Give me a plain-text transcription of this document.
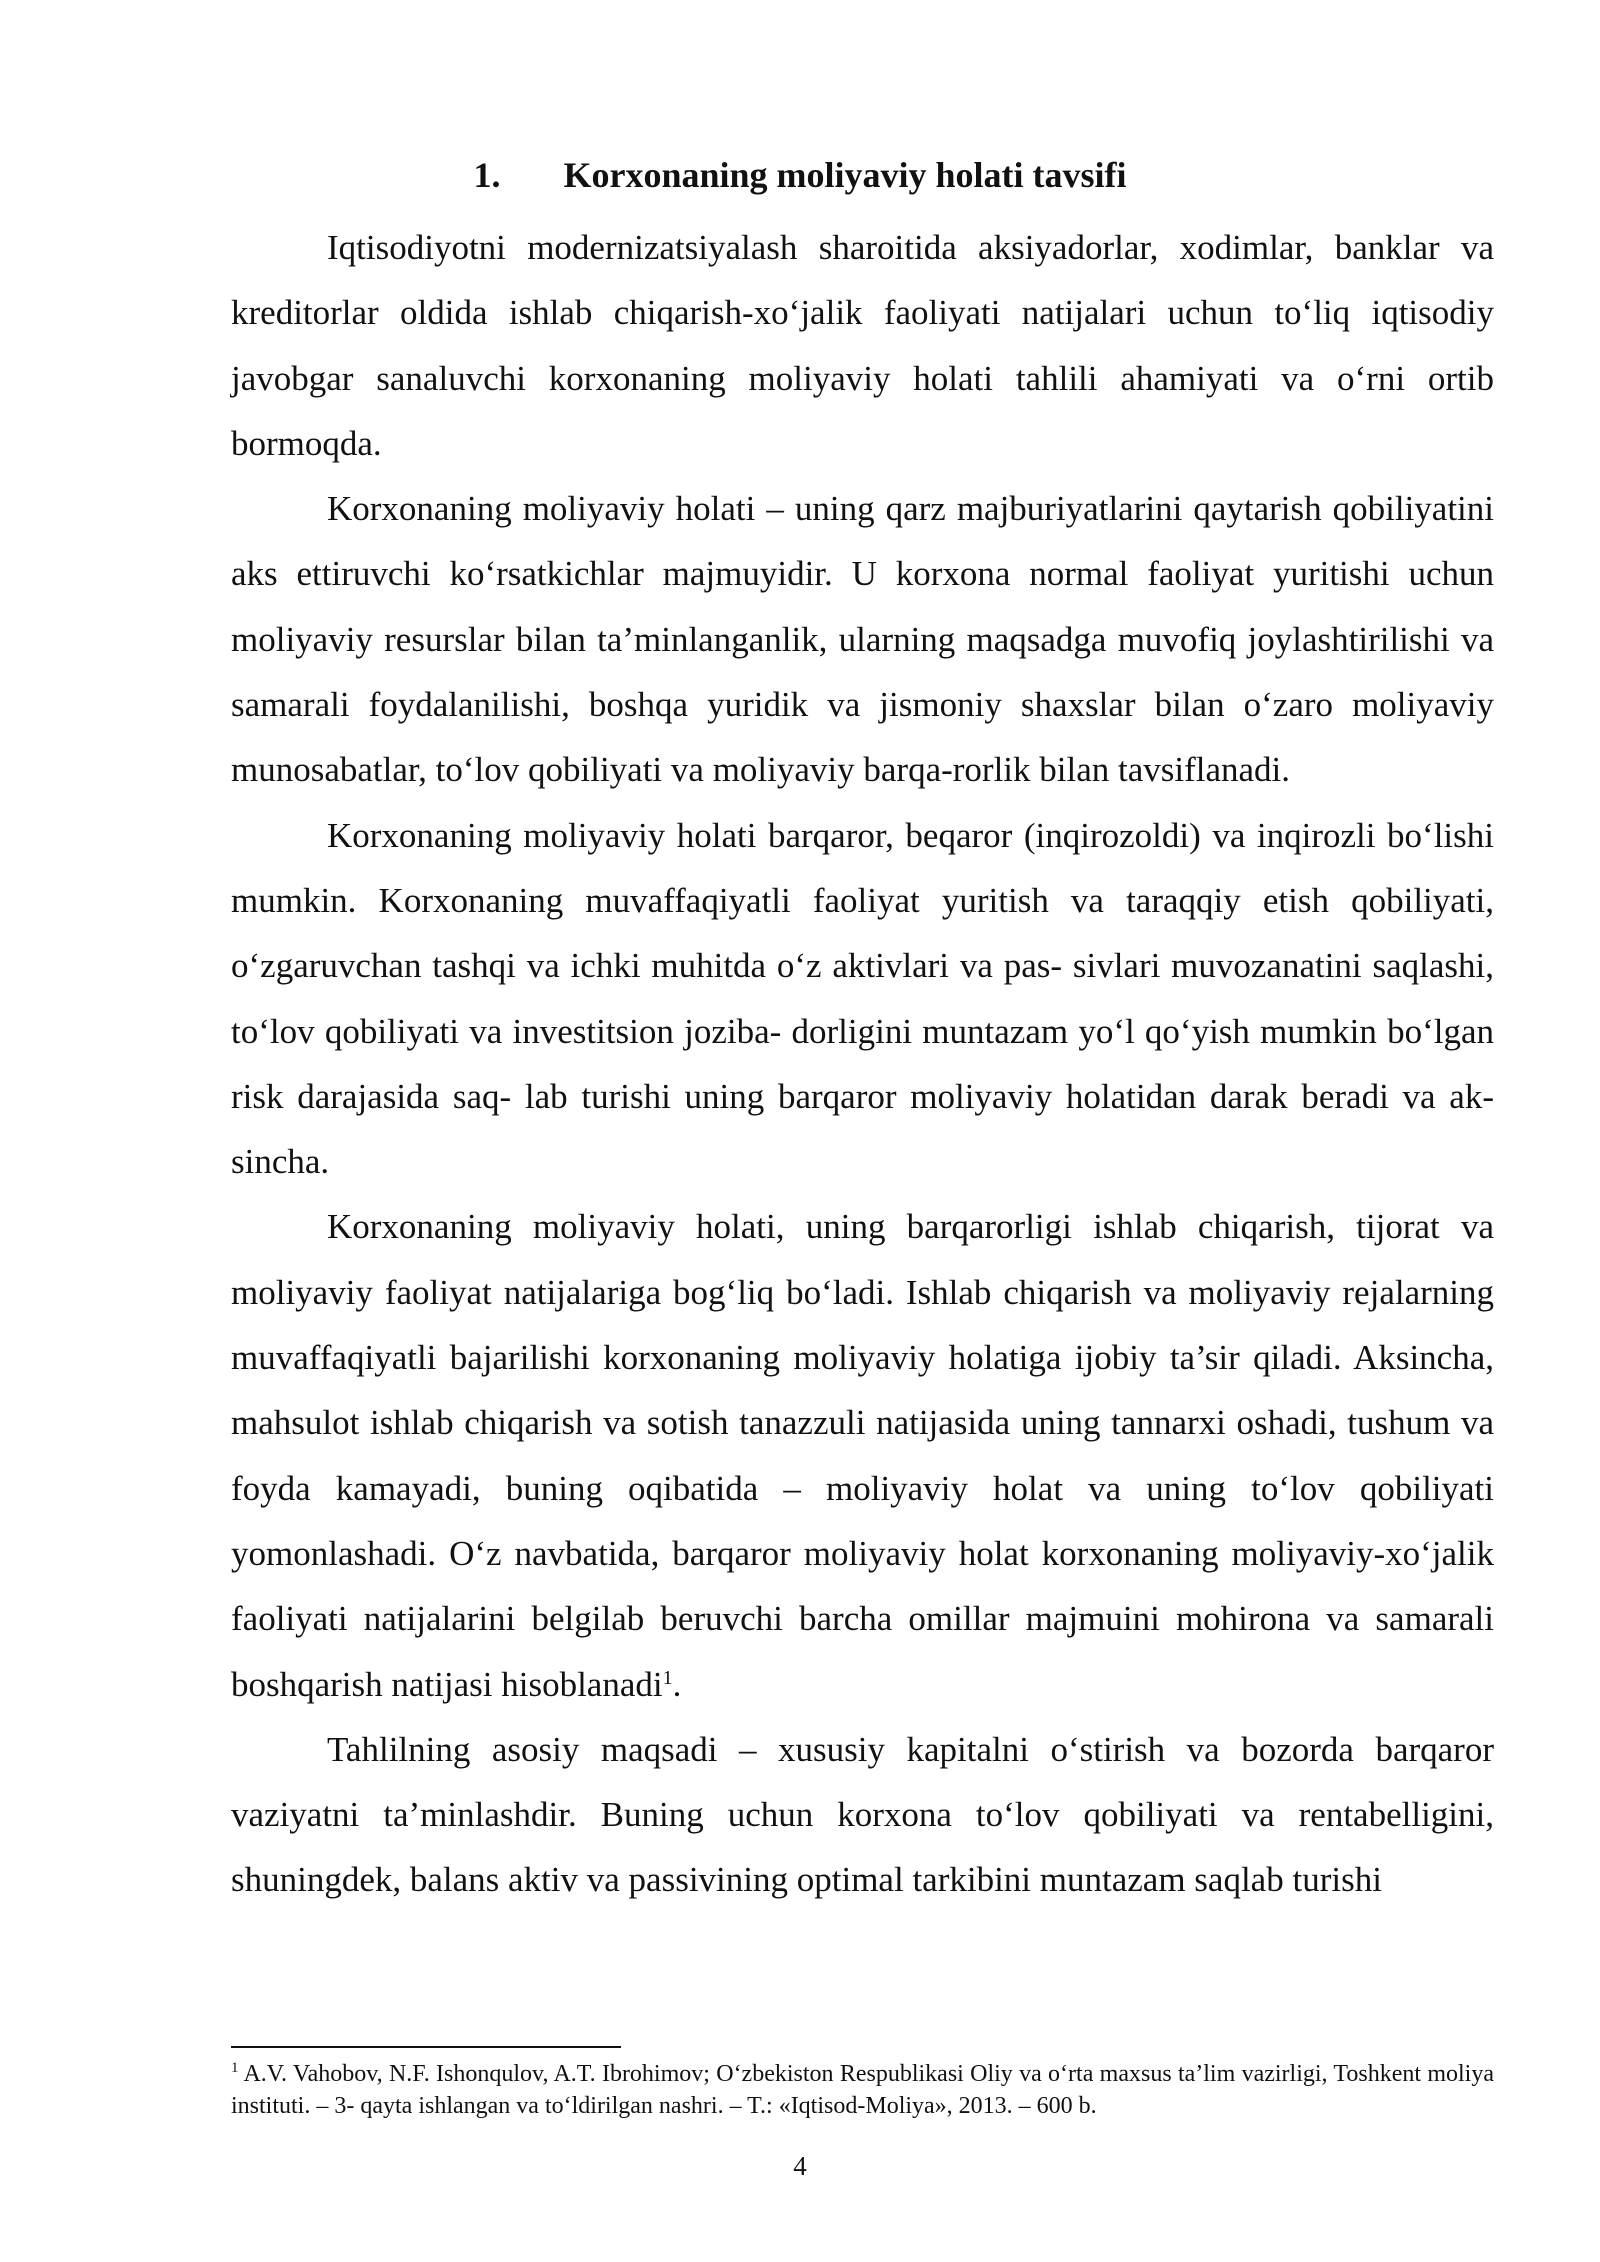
1. Korxonaning moliyaviy holati tavsifi

Iqtisodiyotni modernizatsiyalash sharoitida aksiyadorlar, xodimlar, banklar va kreditorlar oldida ishlab chiqarish-xo‘jalik faoliyati natijalari uchun to‘liq iqtisodiy javobgar sanaluvchi korxonaning moliyaviy holati tahlili ahamiyati va o‘rni ortib bormoqda.

Korxonaning moliyaviy holati – uning qarz majburiyatlarini qaytarish qobiliyatini aks ettiruvchi ko‘rsatkichlar majmuyidir. U korxona normal faoliyat yuritishi uchun moliyaviy resurslar bilan ta’minlanganlik, ularning maqsadga muvofiq joylashtirilishi va samarali foydalanilishi, boshqa yuridik va jismoniy shaxslar bilan o‘zaro moliyaviy munosabatlar, to‘lov qobiliyati va moliyaviy barqa-rorlik bilan tavsiflanadi.

Korxonaning moliyaviy holati barqaror, beqaror (inqirozoldi) va inqirozli bo‘lishi mumkin. Korxonaning muvaffaqiyatli faoliyat yuritish va taraqqiy etish qobiliyati, o‘zgaruvchan tashqi va ichki muhitda o‘z aktivlari va pas- sivlari muvozanatini saqlashi, to‘lov qobiliyati va investitsion joziba- dorligini muntazam yo‘l qo‘yish mumkin bo‘lgan risk darajasida saq- lab turishi uning barqaror moliyaviy holatidan darak beradi va ak- sincha.

Korxonaning moliyaviy holati, uning barqarorligi ishlab chiqarish, tijorat va moliyaviy faoliyat natijalariga bog‘liq bo‘ladi. Ishlab chiqarish va moliyaviy rejalarning muvaffaqiyatli bajarilishi korxonaning moliyaviy holatiga ijobiy ta’sir qiladi. Aksincha, mahsulot ishlab chiqarish va sotish tanazzuli natijasida uning tannarxi oshadi, tushum va foyda kamayadi, buning oqibatida – moliyaviy holat va uning to‘lov qobiliyati yomonlashadi. O‘z navbatida, barqaror moliyaviy holat korxonaning moliyaviy-xo‘jalik faoliyati natijalarini belgilab beruvchi barcha omillar majmuini mohirona va samarali boshqarish natijasi hisoblanadi$^1$.

Tahlilning asosiy maqsadi – xususiy kapitalni o‘stirish va bozorda barqaror vaziyatni ta’minlashdir. Buning uchun korxona to‘lov qobiliyati va rentabelligini, shuningdek, balans aktiv va passivining optimal tarkibini muntazam saqlab turishi

$^1$ A.V. Vahobov, N.F. Ishonqulov, A.T. Ibrohimov; O‘zbekiston Respublikasi Oliy va o‘rta maxsus ta’lim vazirligi, Toshkent moliya instituti. – 3- qayta ishlangan va to‘ldirilgan nashri. – T.: «Iqtisod-Moliya», 2013. – 600 b.
4
